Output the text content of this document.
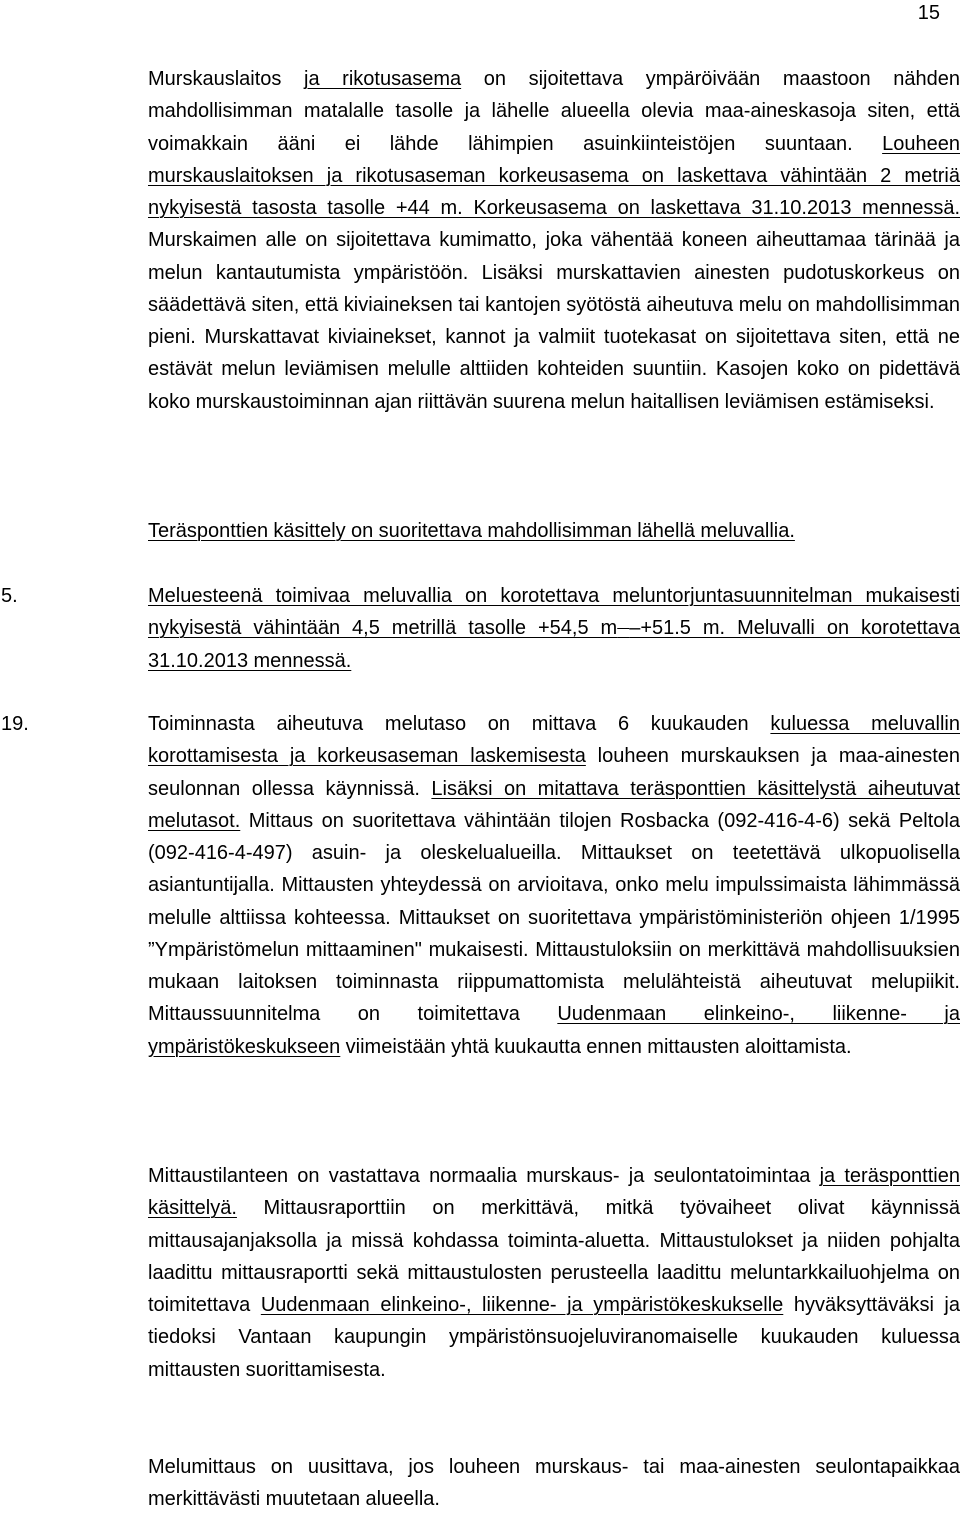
15

Murskauslaitos ja rikotusasema on sijoitettava ympäröivään maastoon nähden mahdollisimman matalalle tasolle ja lähelle alueella olevia maa-aineskasoja siten, että voimakkain ääni ei lähde lähimpien asuinkiinteistöjen suuntaan. Louheen murskauslaitoksen ja rikotusaseman korkeusasema on laskettava vähintään 2 metriä nykyisestä tasosta tasolle +44 m. Korkeusasema on laskettava 31.10.2013 mennessä. Murskaimen alle on sijoitettava kumimatto, joka vähentää koneen aiheuttamaa tärinää ja melun kantautumista ympäristöön. Lisäksi murskattavien ainesten pudotuskorkeus on säädettävä siten, että kiviaineksen tai kantojen syötöstä aiheutuva melu on mahdollisimman pieni. Murskattavat kiviainekset, kannot ja valmiit tuotekasat on sijoitettava siten, että ne estävät melun leviämisen melulle alttiiden kohteiden suuntiin. Kasojen koko on pidettävä koko murskaustoiminnan ajan riittävän suurena melun haitallisen leviämisen estämiseksi.

Teräsponttien käsittely on suoritettava mahdollisimman lähellä meluvallia.

5.	Meluesteenä toimivaa meluvallia on korotettava meluntorjuntasuunnitelman mukaisesti nykyisestä vähintään 4,5 metrillä tasolle +54,5 m –+51.5 m. Meluvalli on korotettava 31.10.2013 mennessä.

19.	Toiminnasta aiheutuva melutaso on mittava 6 kuukauden kuluessa meluvallin korottamisesta ja korkeusaseman laskemisesta louheen murskauksen ja maa-ainesten seulonnan ollessa käynnissä. Lisäksi on mitattava teräsponttien käsittelystä aiheutuvat melutasot. Mittaus on suoritettava vähintään tilojen Rosbacka (092-416-4-6) sekä Peltola (092-416-4-497) asuin- ja oleskelualueilla. Mittaukset on teetettävä ulkopuolisella asiantuntijalla. Mittausten yhteydessä on arvioitava, onko melu impulssimaista lähimmässä melulle alttiissa kohteessa. Mittaukset on suoritettava ympäristöministeriön ohjeen 1/1995 ”Ympäristömelun mittaaminen" mukaisesti. Mittaustuloksiin on merkittävä mahdollisuuksien mukaan laitoksen toiminnasta riippumattomista melulähteistä aiheutuvat melupiikit. Mittaussuunnitelma on toimitettava Uudenmaan elinkeino-, liikenne- ja ympäristökeskukseen viimeistään yhtä kuukautta ennen mittausten aloittamista.

Mittaustilanteen on vastattava normaalia murskaus- ja seulontatoimintaa ja teräsponttien käsittelyä. Mittausraporttiin on merkittävä, mitkä työvaiheet olivat käynnissä mittausajanjaksolla ja missä kohdassa toiminta-aluetta. Mittaustulokset ja niiden pohjalta laadittu mittausraportti sekä mittaustulosten perusteella laadittu meluntarkkailuohjelma on toimitettava Uudenmaan elinkeino-, liikenne- ja ympäristökeskukselle hyväksyttäväksi ja tiedoksi Vantaan kaupungin ympäristönsuojeluviranomaiselle kuukauden kuluessa mittausten suorittamisesta.

Melumittaus on uusittava, jos louheen murskaus- tai maa-ainesten seulontapaikkaa merkittävästi muutetaan alueella.
